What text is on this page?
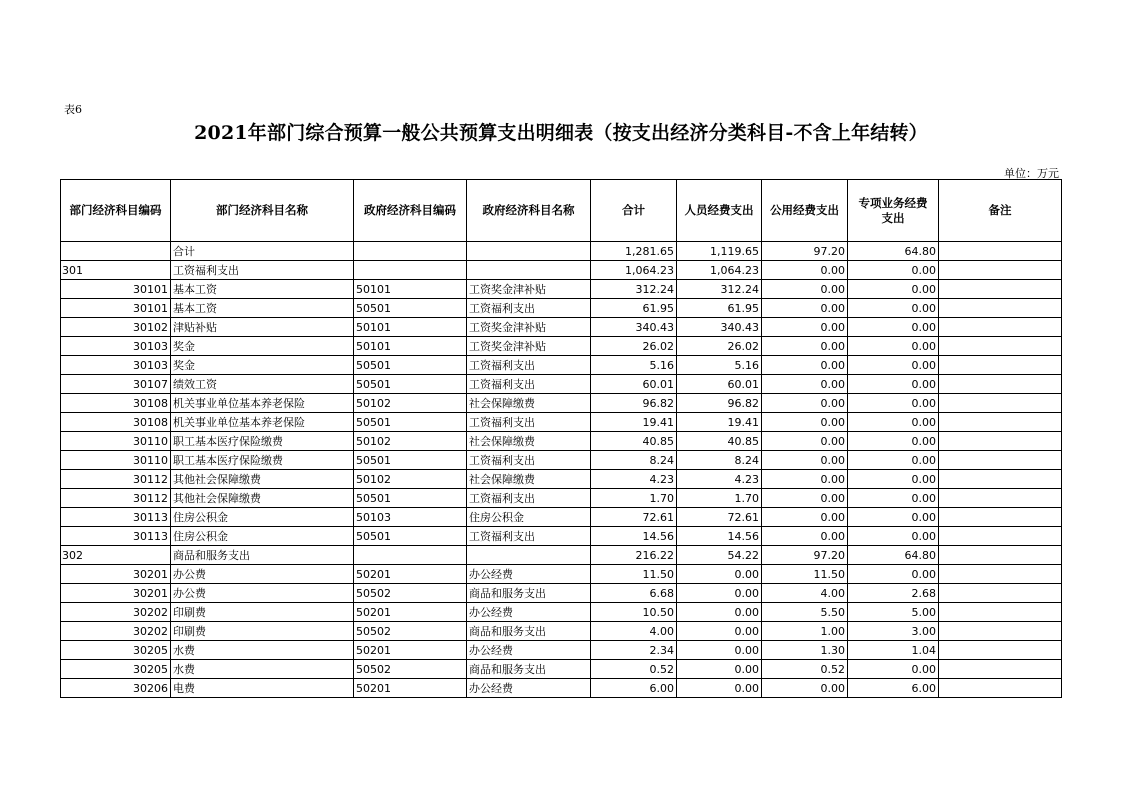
表6
2021年部门综合预算一般公共预算支出明细表（按支出经济分类科目-不含上年结转）
单位：万元
部门经济科目编码	部门经济科目名称	政府经济科目编码	政府经济科目名称	合计	人员经费支出	公用经费支出	专项业务经费
支出	备注
	合计			1,281.65	1,119.65	97.20	64.80	
301	工资福利支出			1,064.23	1,064.23	0.00	0.00	
30101	基本工资	50101	工资奖金津补贴	312.24	312.24	0.00	0.00	
30101	基本工资	50501	工资福利支出	61.95	61.95	0.00	0.00	
30102	津贴补贴	50101	工资奖金津补贴	340.43	340.43	0.00	0.00	
30103	奖金	50101	工资奖金津补贴	26.02	26.02	0.00	0.00	
30103	奖金	50501	工资福利支出	5.16	5.16	0.00	0.00	
30107	绩效工资	50501	工资福利支出	60.01	60.01	0.00	0.00	
30108	机关事业单位基本养老保险	50102	社会保障缴费	96.82	96.82	0.00	0.00	
30108	机关事业单位基本养老保险	50501	工资福利支出	19.41	19.41	0.00	0.00	
30110	职工基本医疗保险缴费	50102	社会保障缴费	40.85	40.85	0.00	0.00	
30110	职工基本医疗保险缴费	50501	工资福利支出	8.24	8.24	0.00	0.00	
30112	其他社会保障缴费	50102	社会保障缴费	4.23	4.23	0.00	0.00	
30112	其他社会保障缴费	50501	工资福利支出	1.70	1.70	0.00	0.00	
30113	住房公积金	50103	住房公积金	72.61	72.61	0.00	0.00	
30113	住房公积金	50501	工资福利支出	14.56	14.56	0.00	0.00	
302	商品和服务支出			216.22	54.22	97.20	64.80	
30201	办公费	50201	办公经费	11.50	0.00	11.50	0.00	
30201	办公费	50502	商品和服务支出	6.68	0.00	4.00	2.68	
30202	印刷费	50201	办公经费	10.50	0.00	5.50	5.00	
30202	印刷费	50502	商品和服务支出	4.00	0.00	1.00	3.00	
30205	水费	50201	办公经费	2.34	0.00	1.30	1.04	
30205	水费	50502	商品和服务支出	0.52	0.00	0.52	0.00	
30206	电费	50201	办公经费	6.00	0.00	0.00	6.00	
